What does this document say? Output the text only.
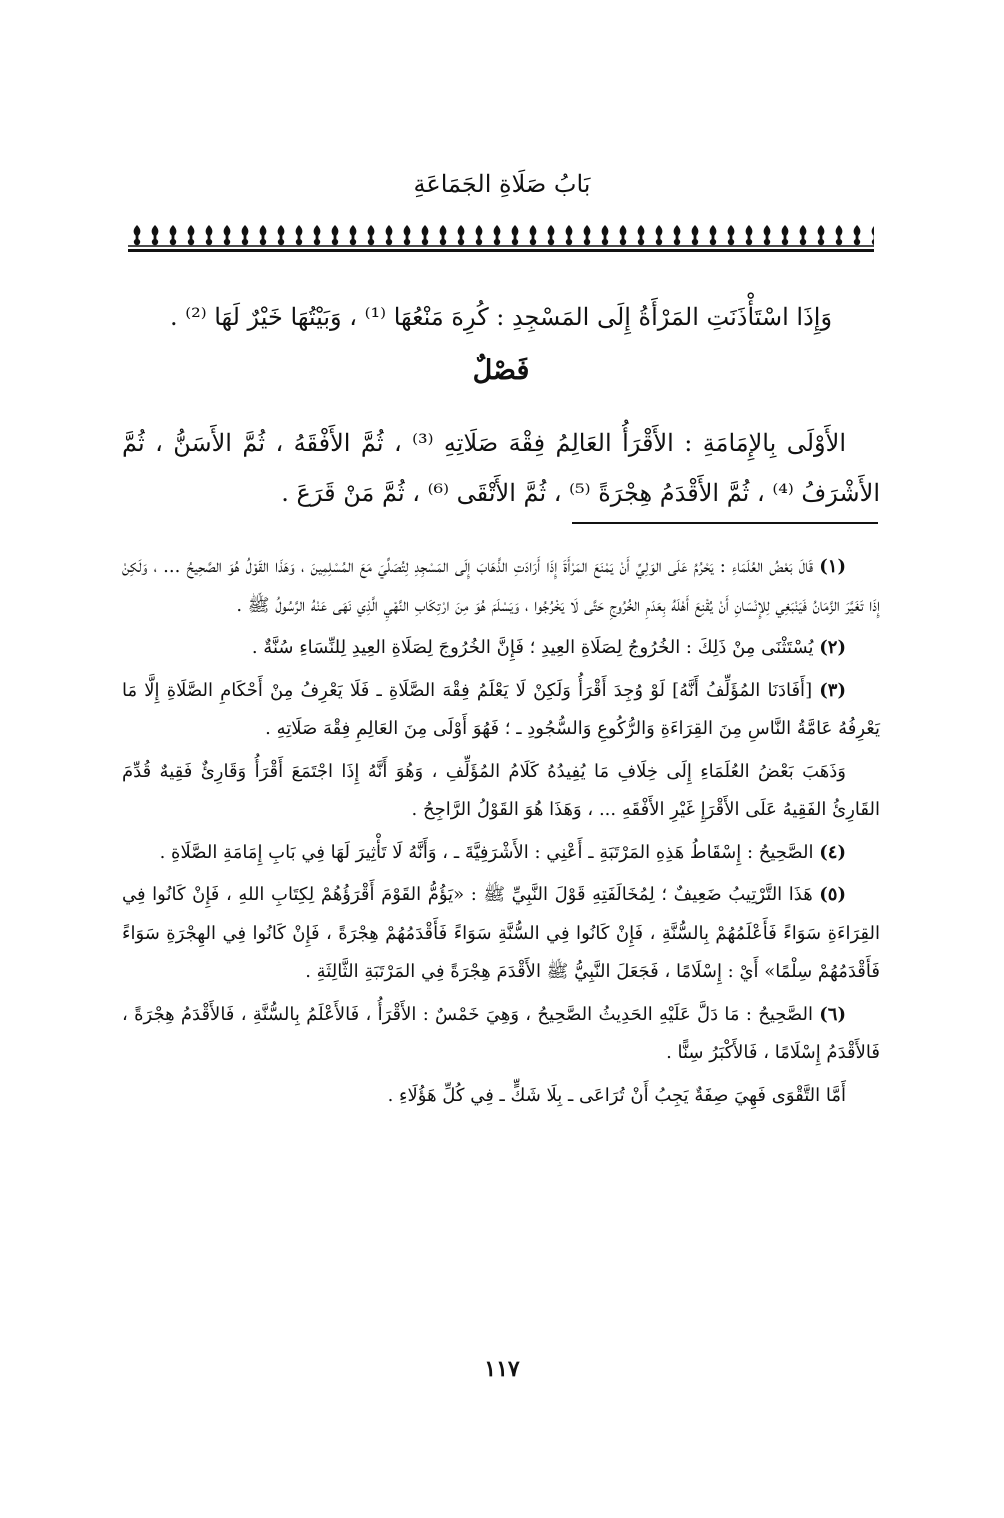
بَابُ صَلَاةِ الجَمَاعَةِ

وَإِذَا اسْتَأْذَنَتِ المَرْأَةُ إِلَى المَسْجِدِ : كُرِهَ مَنْعُهَا ⁽¹⁾ ، وَبَيْتُهَا خَيْرٌ لَهَا ⁽²⁾ .

فَصْلٌ

الأَوْلَى بِالإِمَامَةِ : الأَقْرَأُ العَالِمُ فِقْهَ صَلَاتِهِ ⁽³⁾ ، ثُمَّ الأَفْقَهُ ، ثُمَّ الأَسَنُّ ، ثُمَّ الأَشْرَفُ ⁽⁴⁾ ، ثُمَّ الأَقْدَمُ هِجْرَةً ⁽⁵⁾ ، ثُمَّ الأَتْقَى ⁽⁶⁾ ، ثُمَّ مَنْ قَرَعَ .

(١) قَالَ بَعْضُ العُلَمَاءِ : يَحْرُمُ عَلَى الوَلِيِّ أَنْ يَمْنَعَ المَرْأَةَ إِذَا أَرَادَتِ الذَّهَابَ إِلَى المَسْجِدِ لِتُصَلِّيَ مَعَ المُسْلِمِينَ ، وَهَذَا القَوْلُ هُوَ الصَّحِيحُ ... ، وَلَكِنْ إِذَا تَغَيَّرَ الزَّمَانُ فَيَنْبَغِي لِلإِنْسَانِ أَنْ يُقْنِعَ أَهْلَهُ بِعَدَمِ الخُرُوجِ حَتَّى لَا يَخْرُجُوا ، وَيَسْلَمَ هُوَ مِنَ ارْتِكَابِ النَّهْيِ الَّذِي نَهَى عَنْهُ الرَّسُولُ ﷺ .

(٢) يُسْتَثْنَى مِنْ ذَلِكَ : الخُرُوجُ لِصَلَاةِ العِيدِ ؛ فَإِنَّ الخُرُوجَ لِصَلَاةِ العِيدِ لِلنِّسَاءِ سُنَّةٌ .

(٣) [أَفَادَنَا المُؤَلِّفُ أَنَّهُ] لَوْ وُجِدَ أَقْرَأُ وَلَكِنْ لَا يَعْلَمُ فِقْهَ الصَّلَاةِ ـ فَلَا يَعْرِفُ مِنْ أَحْكَامِ الصَّلَاةِ إِلَّا مَا يَعْرِفُهُ عَامَّةُ النَّاسِ مِنَ القِرَاءَةِ وَالرُّكُوعِ وَالسُّجُودِ ـ ؛ فَهُوَ أَوْلَى مِنَ العَالِمِ فِقْهَ صَلَاتِهِ .

وَذَهَبَ بَعْضُ العُلَمَاءِ إِلَى خِلَافِ مَا يُفِيدُهُ كَلَامُ المُؤَلِّفِ ، وَهُوَ أَنَّهُ إِذَا اجْتَمَعَ أَقْرَأُ وَقَارِئٌ فَقِيهٌ قُدِّمَ القَارِئُ الفَقِيهُ عَلَى الأَقْرَإِ غَيْرِ الأَفْقَهِ ... ، وَهَذَا هُوَ القَوْلُ الرَّاجِحُ .

(٤) الصَّحِيحُ : إِسْقَاطُ هَذِهِ المَرْتَبَةِ ـ أَعْنِي : الأَشْرَفِيَّةَ ـ ، وَأَنَّهُ لَا تَأْثِيرَ لَهَا فِي بَابِ إِمَامَةِ الصَّلَاةِ .

(٥) هَذَا التَّرْتِيبُ ضَعِيفٌ ؛ لِمُخَالَفَتِهِ قَوْلَ النَّبِيِّ ﷺ : «يَؤُمُّ القَوْمَ أَقْرَؤُهُمْ لِكِتَابِ اللهِ ، فَإِنْ كَانُوا فِي القِرَاءَةِ سَوَاءً فَأَعْلَمُهُمْ بِالسُّنَّةِ ، فَإِنْ كَانُوا فِي السُّنَّةِ سَوَاءً فَأَقْدَمُهُمْ هِجْرَةً ، فَإِنْ كَانُوا فِي الهِجْرَةِ سَوَاءً فَأَقْدَمُهُمْ سِلْمًا» أَيْ : إِسْلَامًا ، فَجَعَلَ النَّبِيُّ ﷺ الأَقْدَمَ هِجْرَةً فِي المَرْتَبَةِ الثَّالِثَةِ .

(٦) الصَّحِيحُ : مَا دَلَّ عَلَيْهِ الحَدِيثُ الصَّحِيحُ ، وَهِيَ خَمْسٌ : الأَقْرَأُ ، فَالأَعْلَمُ بِالسُّنَّةِ ، فَالأَقْدَمُ هِجْرَةً ، فَالأَقْدَمُ إِسْلَامًا ، فَالأَكْبَرُ سِنًّا .

أَمَّا التَّقْوَى فَهِيَ صِفَةٌ يَجِبُ أَنْ تُرَاعَى ـ بِلَا شَكٍّ ـ فِي كُلِّ هَؤُلَاءِ .

١١٧
